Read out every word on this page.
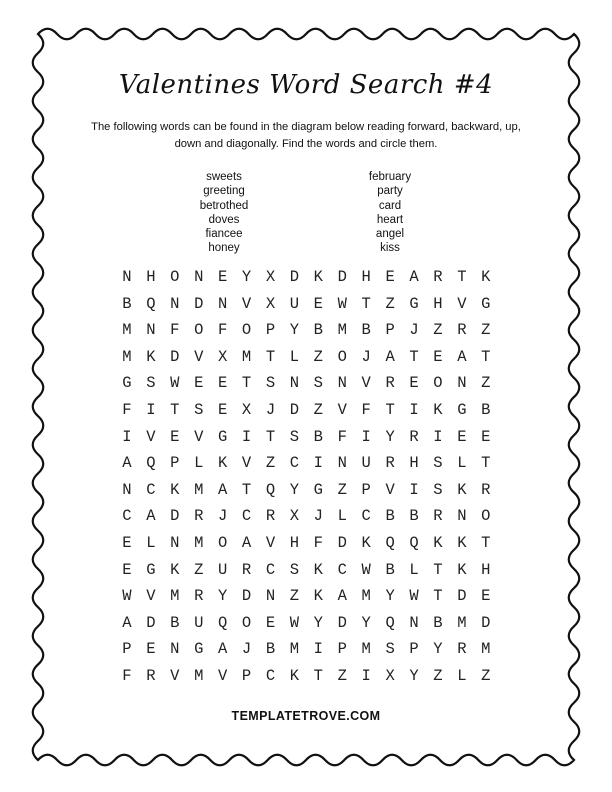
Valentines Word Search #4
The following words can be found in the diagram below reading forward, backward, up,
down and diagonally. Find the words and circle them.
sweets
greeting
betrothed
doves
fiancee
honey
february
party
card
heart
angel
kiss
N H O N E Y X D K D H E A R T K
B Q N D N V X U E W T Z G H V G
M N F O F O P Y B M B P J Z R Z
M K D V X M T L Z O J A T E A T
G S W E E T S N S N V R E O N Z
F I T S E X J D Z V F T I K G B
I V E V G I T S B F I Y R I E E
A Q P L K V Z C I N U R H S L T
N C K M A T Q Y G Z P V I S K R
C A D R J C R X J L C B B R N O
E L N M O A V H F D K Q Q K K T
E G K Z U R C S K C W B L T K H
W V M R Y D N Z K A M Y W T D E
A D B U Q O E W Y D Y Q N B M D
P E N G A J B M I P M S P Y R M
F R V M V P C K T Z I X Y Z L Z
TEMPLATETROVE.COM
